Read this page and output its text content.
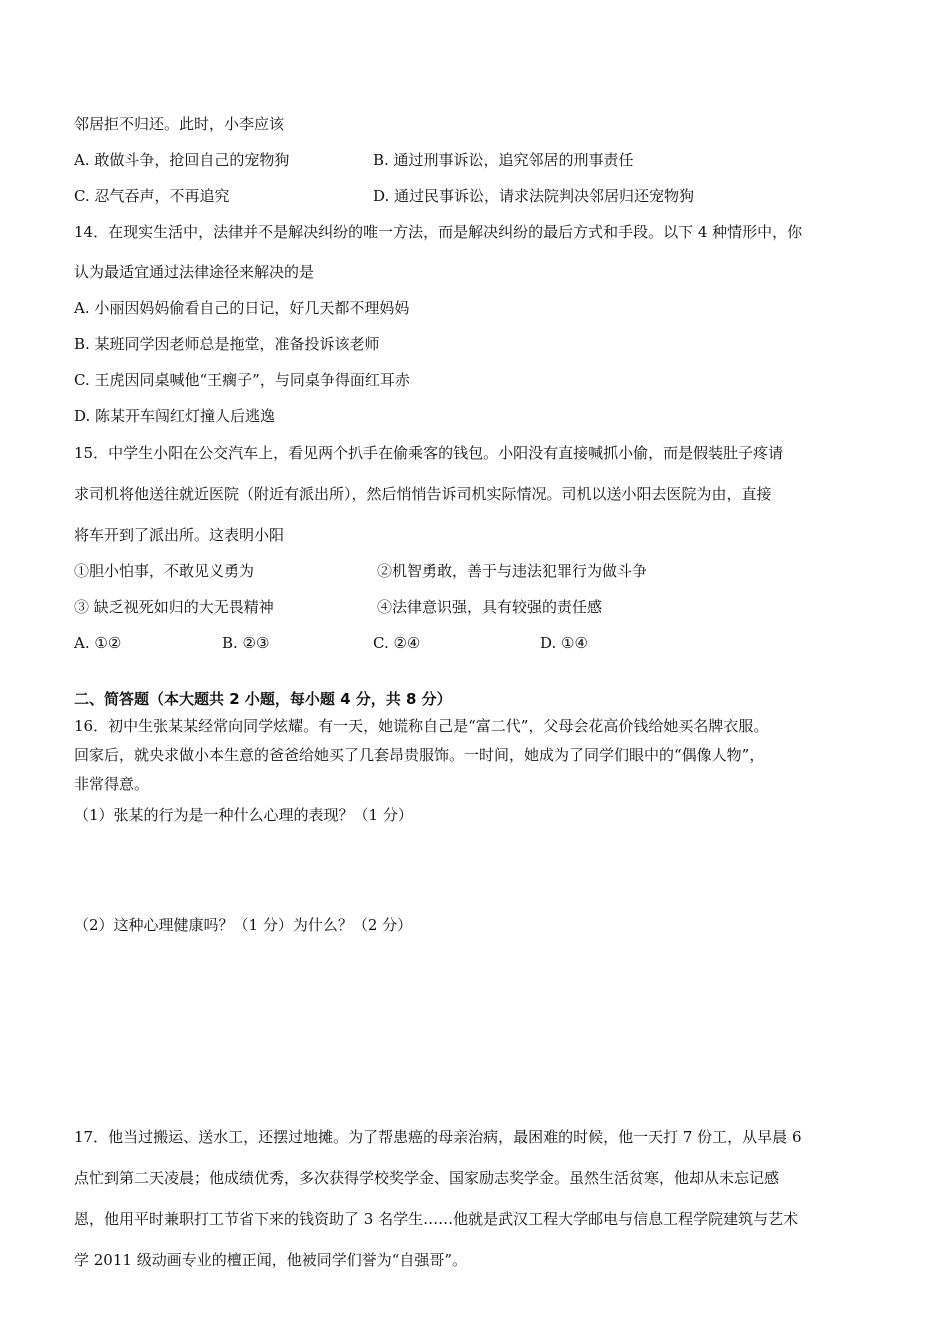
邻居拒不归还。此时，小李应该
A. 敢做斗争，抢回自己的宠物狗	B. 通过刑事诉讼，追究邻居的刑事责任
C. 忍气吞声，不再追究	D. 通过民事诉讼，请求法院判决邻居归还宠物狗
14．在现实生活中，法律并不是解决纠纷的唯一方法，而是解决纠纷的最后方式和手段。以下 4 种情形中，你
认为最适宜通过法律途径来解决的是
A. 小丽因妈妈偷看自己的日记，好几天都不理妈妈
B. 某班同学因老师总是拖堂，准备投诉该老师
C. 王虎因同桌喊他“王瘸子”，与同桌争得面红耳赤
D. 陈某开车闯红灯撞人后逃逸
15．中学生小阳在公交汽车上，看见两个扒手在偷乘客的钱包。小阳没有直接喊抓小偷，而是假装肚子疼请
求司机将他送往就近医院（附近有派出所），然后悄悄告诉司机实际情况。司机以送小阳去医院为由，直接
将车开到了派出所。这表明小阳
①胆小怕事，不敢见义勇为	②机智勇敢，善于与违法犯罪行为做斗争
③ 缺乏视死如归的大无畏精神	④法律意识强，具有较强的责任感
A. ①②	B. ②③	C. ②④	D. ①④
二、简答题（本大题共 2 小题，每小题 4 分，共 8 分）
16．初中生张某某经常向同学炫耀。有一天，她谎称自己是“富二代”，父母会花高价钱给她买名牌衣服。
回家后，就央求做小本生意的爸爸给她买了几套昂贵服饰。一时间，她成为了同学们眼中的“偶像人物”，
非常得意。
（1）张某的行为是一种什么心理的表现？（1 分）
（2）这种心理健康吗？（1 分）为什么？（2 分）
17．他当过搬运、送水工，还摆过地摊。为了帮患癌的母亲治病，最困难的时候，他一天打 7 份工，从早晨 6
点忙到第二天凌晨；他成绩优秀，多次获得学校奖学金、国家励志奖学金。虽然生活贫寒，他却从未忘记感
恩，他用平时兼职打工节省下来的钱资助了 3 名学生……他就是武汉工程大学邮电与信息工程学院建筑与艺术
学 2011 级动画专业的檀正闻，他被同学们誉为“自强哥”。
